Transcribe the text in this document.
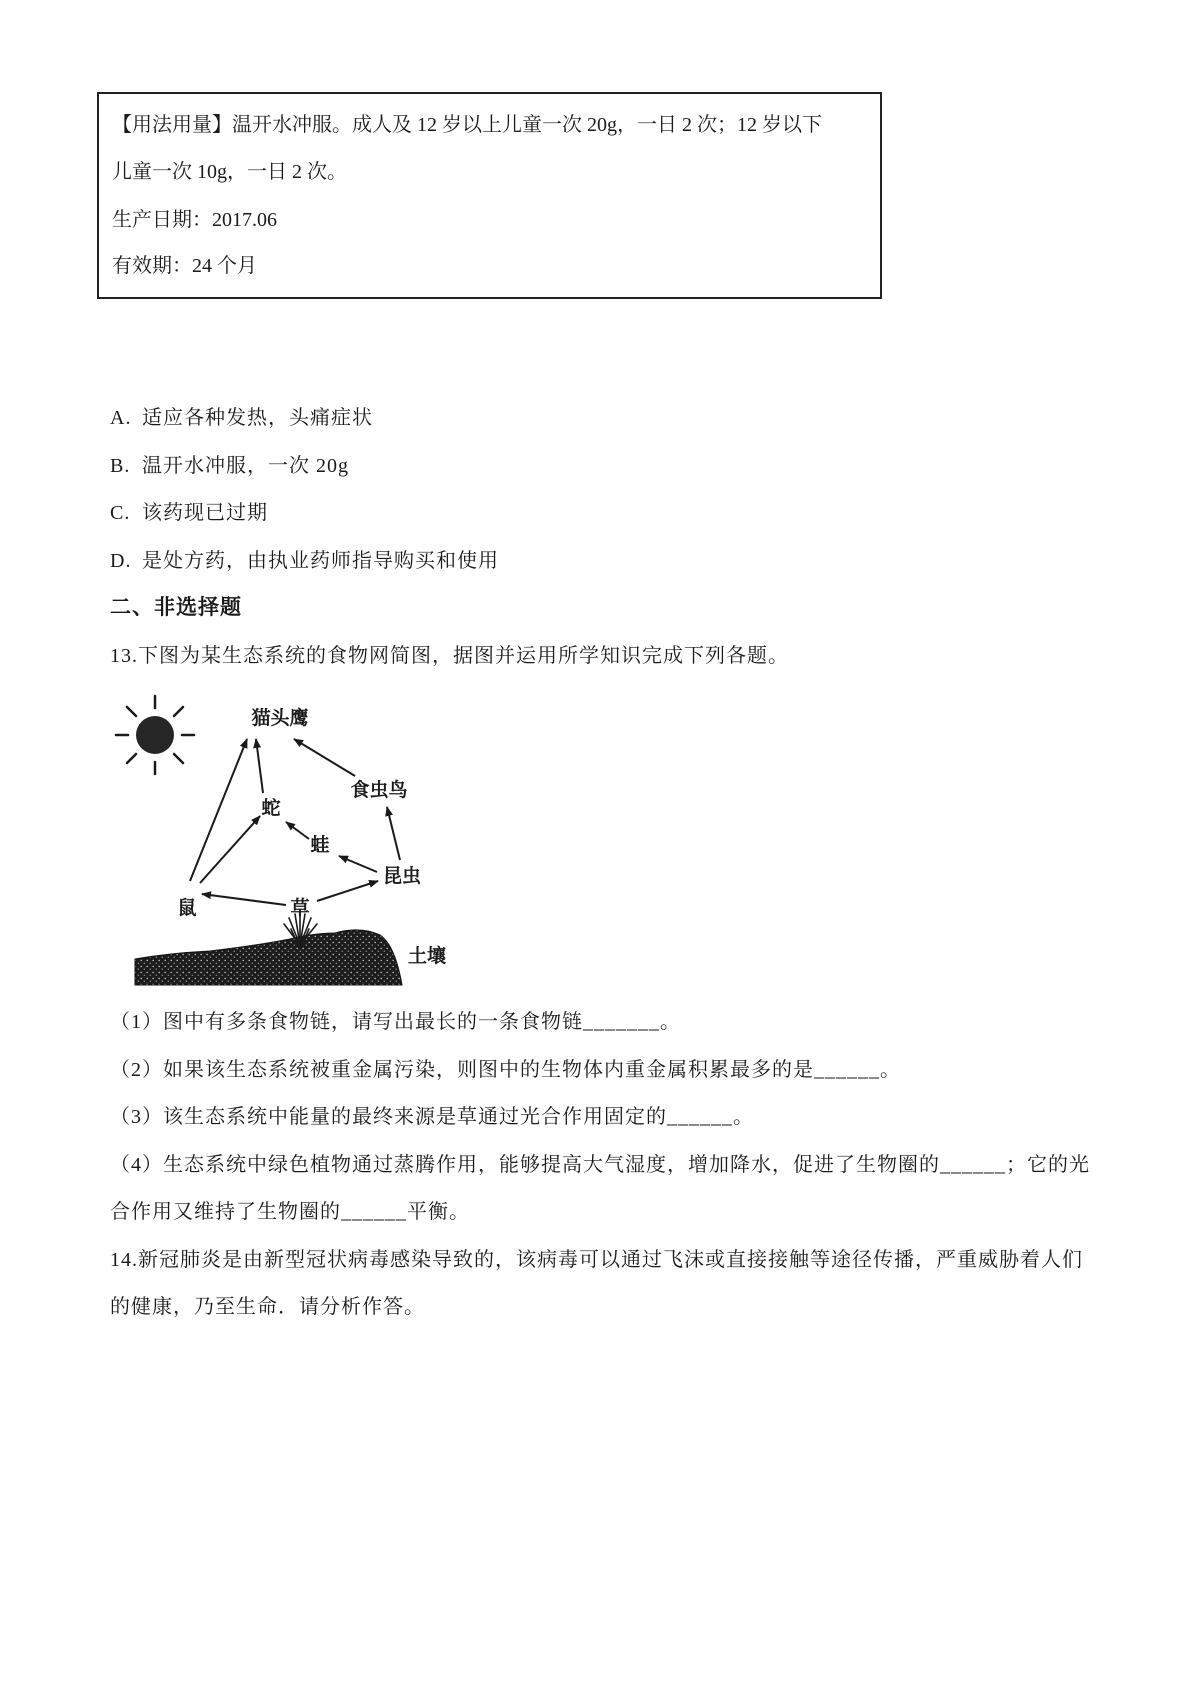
【用法用量】温开水冲服。成人及 12 岁以上儿童一次 20g，一日 2 次；12 岁以下
儿童一次 10g，一日 2 次。
生产日期：2017.06
有效期：24 个月
A. 适应各种发热，头痛症状
B. 温开水冲服，一次 20g
C. 该药现已过期
D. 是处方药，由执业药师指导购买和使用
二、非选择题
13.下图为某生态系统的食物网简图，据图并运用所学知识完成下列各题。
猫头鹰
食虫鸟
蛇
蛙
鼠
昆虫
草
土壤
（1）图中有多条食物链，请写出最长的一条食物链_______。
（2）如果该生态系统被重金属污染，则图中的生物体内重金属积累最多的是______。
（3）该生态系统中能量的最终来源是草通过光合作用固定的______。
（4）生态系统中绿色植物通过蒸腾作用，能够提高大气湿度，增加降水，促进了生物圈的______；它的光
合作用又维持了生物圈的______平衡。
14.新冠肺炎是由新型冠状病毒感染导致的，该病毒可以通过飞沫或直接接触等途径传播，严重威胁着人们
的健康，乃至生命．请分析作答。
